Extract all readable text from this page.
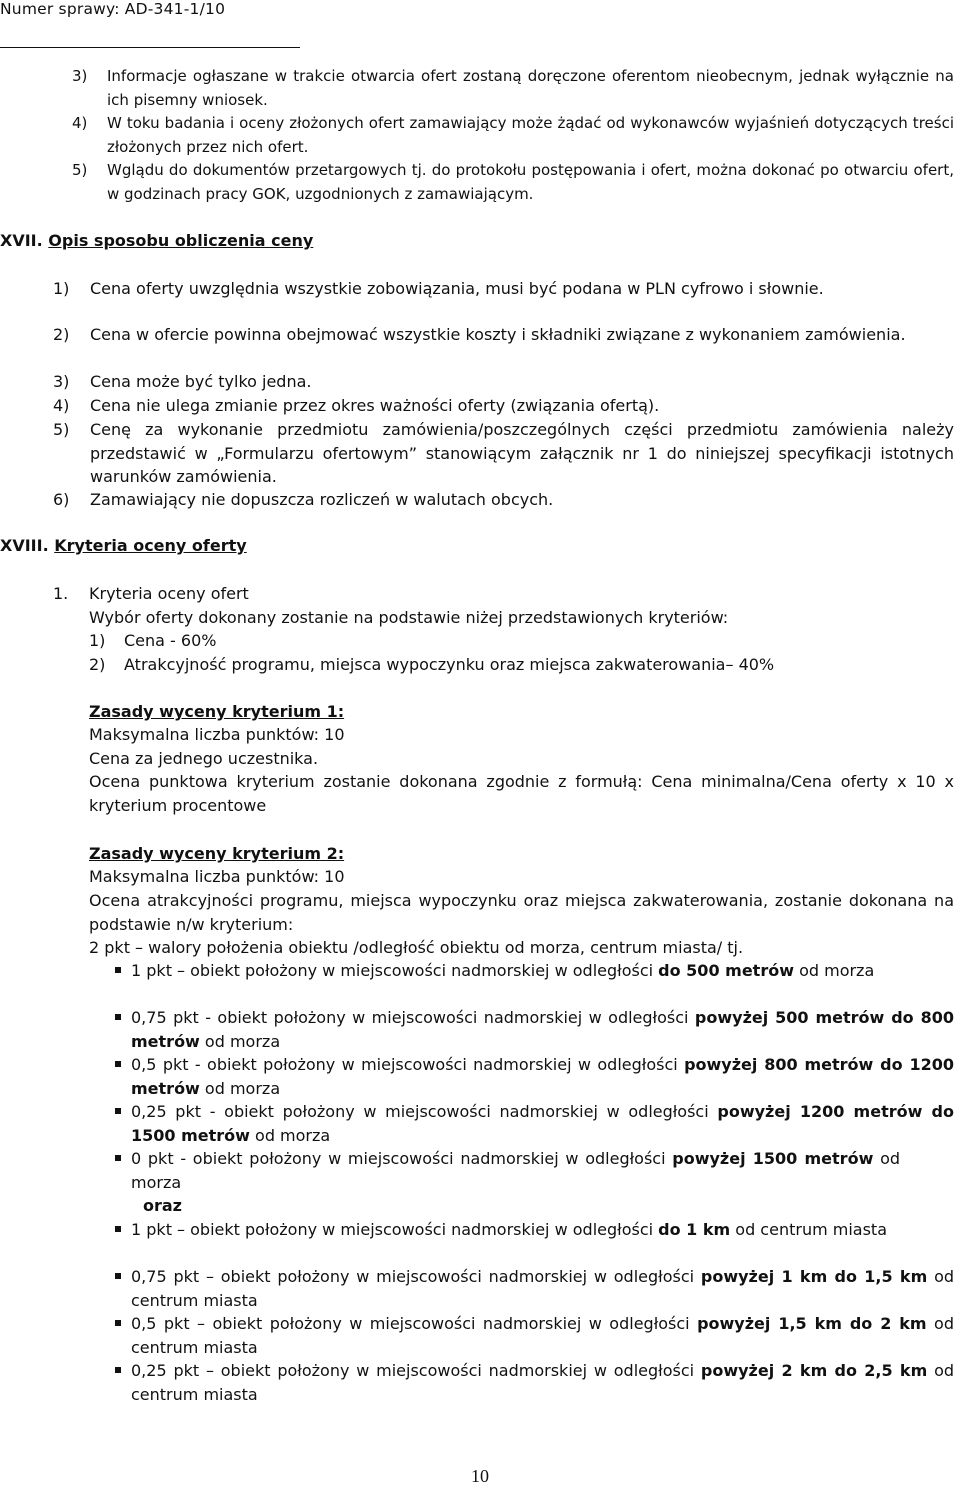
Numer sprawy: AD-341-1/10
3) Informacje ogłaszane w trakcie otwarcia ofert zostaną doręczone oferentom nieobecnym, jednak wyłącznie na ich pisemny wniosek.
4) W toku badania i oceny złożonych ofert zamawiający może żądać od wykonawców wyjaśnień dotyczących treści złożonych przez nich ofert.
5) Wglądu do dokumentów przetargowych tj. do protokołu postępowania i ofert, można dokonać po otwarciu ofert, w godzinach pracy GOK, uzgodnionych z zamawiającym.
XVII. Opis sposobu obliczenia ceny
1) Cena oferty uwzględnia wszystkie zobowiązania, musi być podana w PLN cyfrowo i słownie.
2) Cena w ofercie powinna obejmować wszystkie koszty i składniki związane z wykonaniem zamówienia.
3) Cena może być tylko jedna.
4) Cena nie ulega zmianie przez okres ważności oferty (związania ofertą).
5) Cenę za wykonanie przedmiotu zamówienia/poszczególnych części przedmiotu zamówienia należy przedstawić w „Formularzu ofertowym” stanowiącym załącznik nr 1 do niniejszej specyfikacji istotnych warunków zamówienia.
6) Zamawiający nie dopuszcza rozliczeń w walutach obcych.
XVIII. Kryteria oceny oferty
1. Kryteria oceny ofert
Wybór oferty dokonany zostanie na podstawie niżej przedstawionych kryteriów:
1) Cena - 60%
2) Atrakcyjność programu, miejsca wypoczynku oraz miejsca zakwaterowania– 40%
Zasady wyceny kryterium 1:
Maksymalna liczba punktów: 10
Cena za jednego uczestnika.
Ocena punktowa kryterium zostanie dokonana zgodnie z formułą: Cena minimalna/Cena oferty x 10 x kryterium procentowe
Zasady wyceny kryterium 2:
Maksymalna liczba punktów: 10
Ocena atrakcyjności programu, miejsca wypoczynku oraz miejsca zakwaterowania, zostanie dokonana na podstawie n/w kryterium:
2 pkt – walory położenia obiektu /odległość obiektu od morza, centrum miasta/ tj.
1 pkt – obiekt położony w miejscowości nadmorskiej w odległości do 500 metrów od morza
0,75 pkt - obiekt położony w miejscowości nadmorskiej w odległości powyżej 500 metrów do 800 metrów od morza
0,5 pkt - obiekt położony w miejscowości nadmorskiej w odległości powyżej 800 metrów do 1200 metrów od morza
0,25 pkt - obiekt położony w miejscowości nadmorskiej w odległości powyżej 1200 metrów do 1500 metrów od morza
0 pkt - obiekt położony w miejscowości nadmorskiej w odległości powyżej 1500 metrów od morza
oraz
1 pkt – obiekt położony w miejscowości nadmorskiej w odległości do 1 km od centrum miasta
0,75 pkt – obiekt położony w miejscowości nadmorskiej w odległości powyżej 1 km do 1,5 km od centrum miasta
0,5 pkt – obiekt położony w miejscowości nadmorskiej w odległości powyżej 1,5 km do 2 km od centrum miasta
0,25 pkt – obiekt położony w miejscowości nadmorskiej w odległości powyżej 2 km do 2,5 km od centrum miasta
10
